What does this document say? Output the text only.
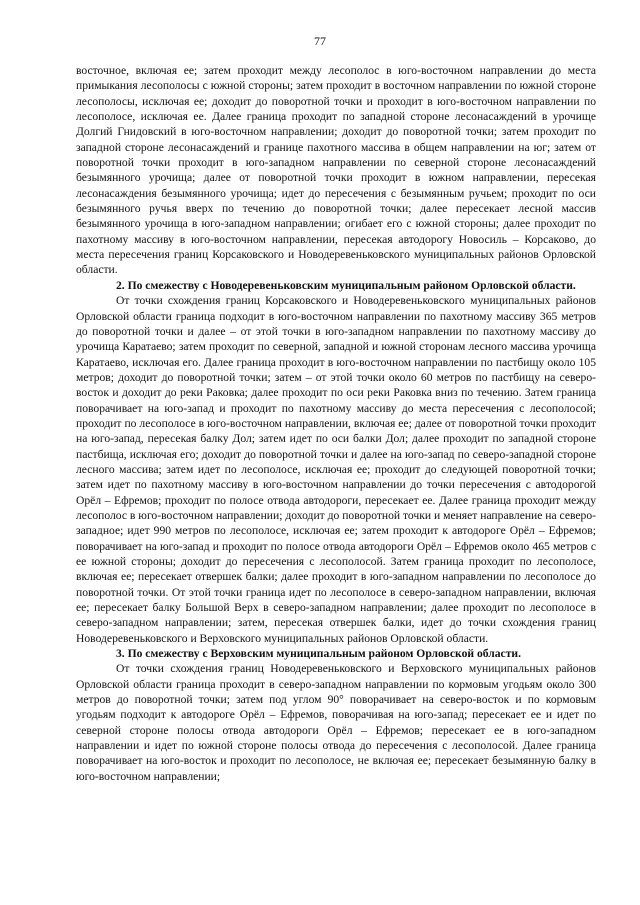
77

восточное, включая ее; затем проходит между лесополос в юго-восточном направлении до места примыкания лесополосы с южной стороны; затем проходит в восточном направлении по южной стороне лесополосы, исключая ее; доходит до поворотной точки и проходит в юго-восточном направлении по лесополосе, исключая ее. Далее граница проходит по западной стороне лесонасаждений в урочище Долгий Гнидовский в юго-восточном направлении; доходит до поворотной точки; затем проходит по западной стороне лесонасаждений и границе пахотного массива в общем направлении на юг; затем от поворотной точки проходит в юго-западном направлении по северной стороне лесонасаждений безымянного урочища; далее от поворотной точки проходит в южном направлении, пересекая лесонасаждения безымянного урочища; идет до пересечения с безымянным ручьем; проходит по оси безымянного ручья вверх по течению до поворотной точки; далее пересекает лесной массив безымянного урочища в юго-западном направлении; огибает его с южной стороны; далее проходит по пахотному массиву в юго-восточном направлении, пересекая автодорогу Новосиль – Корсаково, до места пересечения границ Корсаковского и Новодеревеньковского муниципальных районов Орловской области.

2. По смежеству с Новодеревеньковским муниципальным районом Орловской области.

От точки схождения границ Корсаковского и Новодеревеньковского муниципальных районов Орловской области граница подходит в юго-восточном направлении по пахотному массиву 365 метров до поворотной точки и далее – от этой точки в юго-западном направлении по пахотному массиву до урочища Каратаево; затем проходит по северной, западной и южной сторонам лесного массива урочища Каратаево, исключая его. Далее граница проходит в юго-восточном направлении по пастбищу около 105 метров; доходит до поворотной точки; затем – от этой точки около 60 метров по пастбищу на северо-восток и доходит до реки Раковка; далее проходит по оси реки Раковка вниз по течению. Затем граница поворачивает на юго-запад и проходит по пахотному массиву до места пересечения с лесополосой; проходит по лесополосе в юго-восточном направлении, включая ее; далее от поворотной точки проходит на юго-запад, пересекая балку Дол; затем идет по оси балки Дол; далее проходит по западной стороне пастбища, исключая его; доходит до поворотной точки и далее на юго-запад по северо-западной стороне лесного массива; затем идет по лесополосе, исключая ее; проходит до следующей поворотной точки; затем идет по пахотному массиву в юго-восточном направлении до точки пересечения с автодорогой Орёл – Ефремов; проходит по полосе отвода автодороги, пересекает ее. Далее граница проходит между лесополос в юго-восточном направлении; доходит до поворотной точки и меняет направление на северо-западное; идет 990 метров по лесополосе, исключая ее; затем проходит к автодороге Орёл – Ефремов; поворачивает на юго-запад и проходит по полосе отвода автодороги Орёл – Ефремов около 465 метров с ее южной стороны; доходит до пересечения с лесополосой. Затем граница проходит по лесополосе, включая ее; пересекает отвершек балки; далее проходит в юго-западном направлении по лесополосе до поворотной точки. От этой точки граница идет по лесополосе в северо-западном направлении, включая ее; пересекает балку Большой Верх в северо-западном направлении; далее проходит по лесополосе в северо-западном направлении; затем, пересекая отвершек балки, идет до точки схождения границ Новодеревеньковского и Верховского муниципальных районов Орловской области.

3. По смежеству с Верховским муниципальным районом Орловской области.

От точки схождения границ Новодеревеньковского и Верховского муниципальных районов Орловской области граница проходит в северо-западном направлении по кормовым угодьям около 300 метров до поворотной точки; затем под углом 90° поворачивает на северо-восток и по кормовым угодьям подходит к автодороге Орёл – Ефремов, поворачивая на юго-запад; пересекает ее и идет по северной стороне полосы отвода автодороги Орёл – Ефремов; пересекает ее в юго-западном направлении и идет по южной стороне полосы отвода до пересечения с лесополосой. Далее граница поворачивает на юго-восток и проходит по лесополосе, не включая ее; пересекает безымянную балку в юго-восточном направлении;
